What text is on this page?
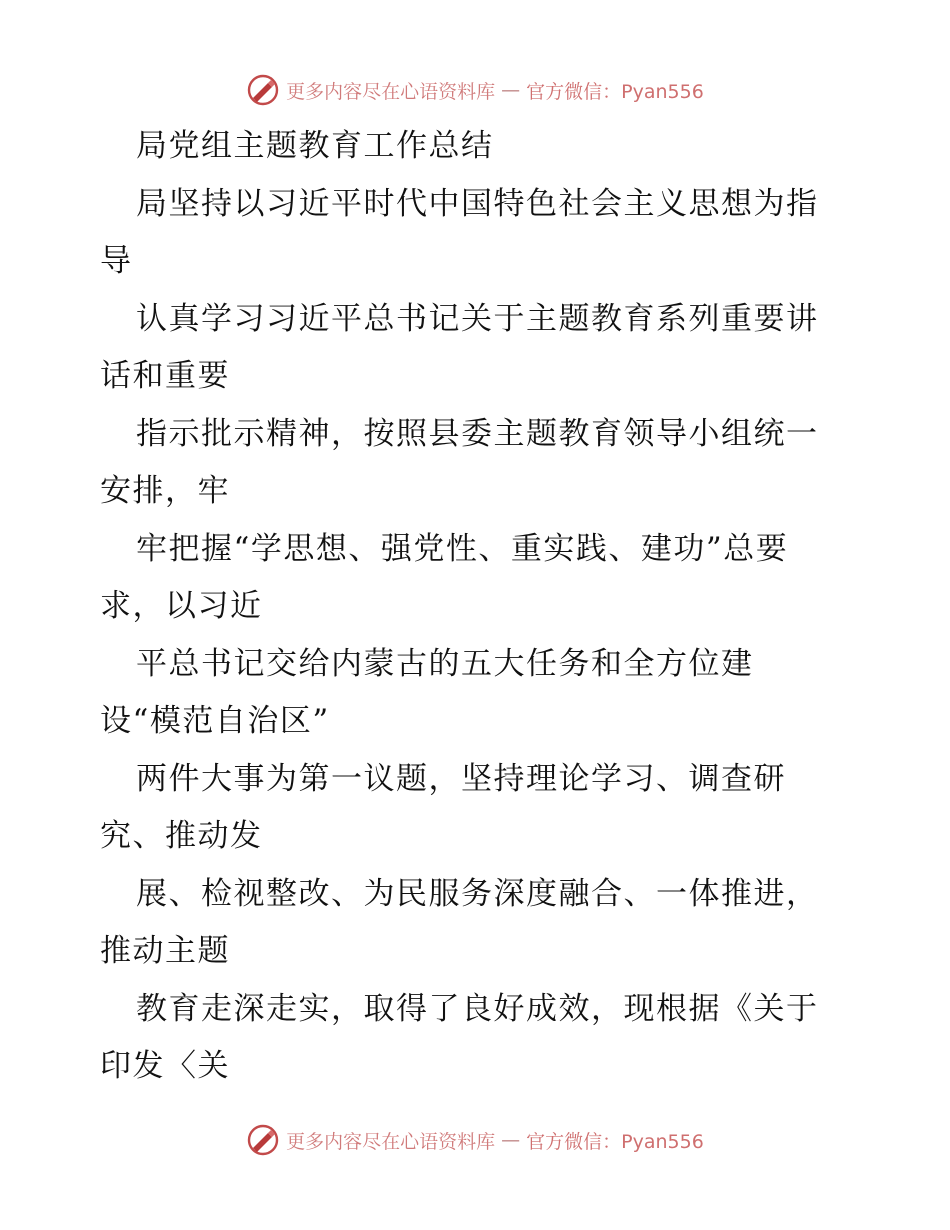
更多内容尽在心语资料库 — 官方微信：Pyan556
局党组主题教育工作总结
局坚持以习近平时代中国特色社会主义思想为指
导
认真学习习近平总书记关于主题教育系列重要讲
话和重要
指示批示精神，按照县委主题教育领导小组统一
安排，牢
牢把握“学思想、强党性、重实践、建功”总要
求，以习近
平总书记交给内蒙古的五大任务和全方位建
设“模范自治区”
两件大事为第一议题，坚持理论学习、调查研
究、推动发
展、检视整改、为民服务深度融合、一体推进，
推动主题
教育走深走实，取得了良好成效，现根据《关于
印发〈关
更多内容尽在心语资料库 — 官方微信：Pyan556
